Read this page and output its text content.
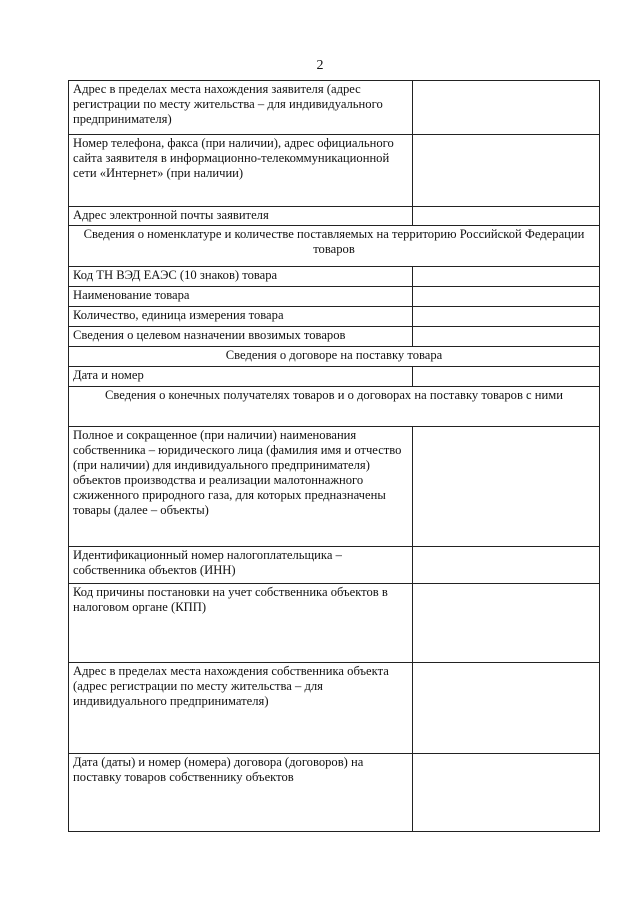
2
Адрес в пределах места нахождения заявителя (адрес регистрации по месту жительства – для индивидуального предпринимателя)	
Номер телефона, факса (при наличии), адрес официального сайта заявителя в информационно-телекоммуникационной сети «Интернет» (при наличии)	
Адрес электронной почты заявителя	
Сведения о номенклатуре и количестве поставляемых на территорию Российской Федерации товаров	
Код ТН ВЭД ЕАЭС (10 знаков) товара	
Наименование товара	
Количество, единица измерения товара	
Сведения о целевом назначении ввозимых товаров	
Сведения о договоре на поставку товара	
Дата и номер	
Сведения о конечных получателях товаров и о договорах на поставку товаров с ними	
Полное и сокращенное (при наличии) наименования собственника – юридического лица (фамилия имя и отчество (при наличии) для индивидуального предпринимателя) объектов производства и реализации малотоннажного сжиженного природного газа, для которых предназначены товары (далее – объекты)	
Идентификационный номер налогоплательщика – собственника объектов (ИНН)	
Код причины постановки на учет собственника объектов в налоговом органе (КПП)	
Адрес в пределах места нахождения собственника объекта (адрес регистрации по месту жительства – для индивидуального предпринимателя)	
Дата (даты) и номер (номера) договора (договоров) на поставку товаров собственнику объектов	
